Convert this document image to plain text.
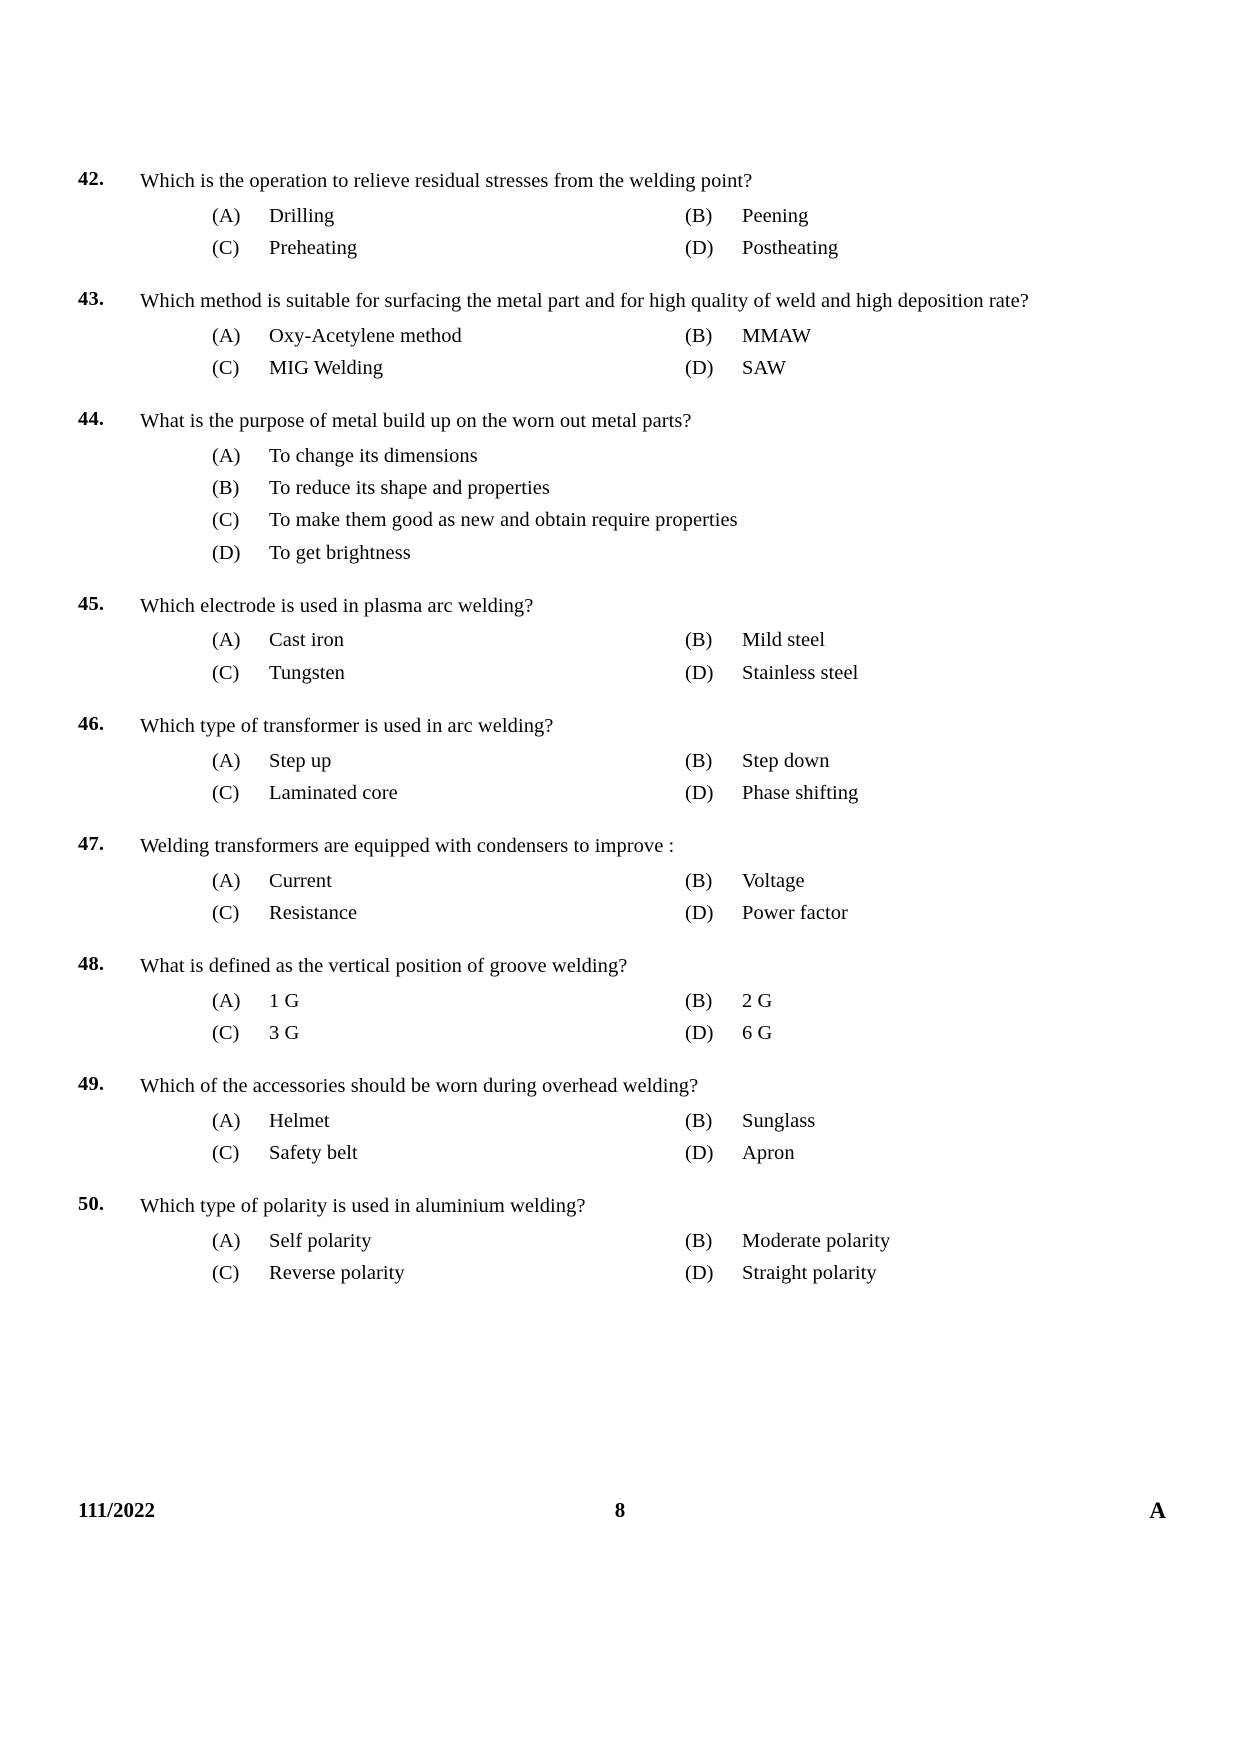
42. Which is the operation to relieve residual stresses from the welding point?
(A)	Drilling	(B)	Peening
(C)	Preheating	(D)	Postheating
43. Which method is suitable for surfacing the metal part and for high quality of weld and high deposition rate?
(A)	Oxy-Acetylene method	(B)	MMAW
(C)	MIG Welding	(D)	SAW
44. What is the purpose of metal build up on the worn out metal parts?
(A)	To change its dimensions
(B)	To reduce its shape and properties
(C)	To make them good as new and obtain require properties
(D)	To get brightness
45. Which electrode is used in plasma arc welding?
(A)	Cast iron	(B)	Mild steel
(C)	Tungsten	(D)	Stainless steel
46. Which type of transformer is used in arc welding?
(A)	Step up	(B)	Step down
(C)	Laminated core	(D)	Phase shifting
47. Welding transformers are equipped with condensers to improve :
(A)	Current	(B)	Voltage
(C)	Resistance	(D)	Power factor
48. What is defined as the vertical position of groove welding?
(A)	1 G	(B)	2 G
(C)	3 G	(D)	6 G
49. Which of the accessories should be worn during overhead welding?
(A)	Helmet	(B)	Sunglass
(C)	Safety belt	(D)	Apron
50. Which type of polarity is used in aluminium welding?
(A)	Self polarity	(B)	Moderate polarity
(C)	Reverse polarity	(D)	Straight polarity
111/2022	8	A
